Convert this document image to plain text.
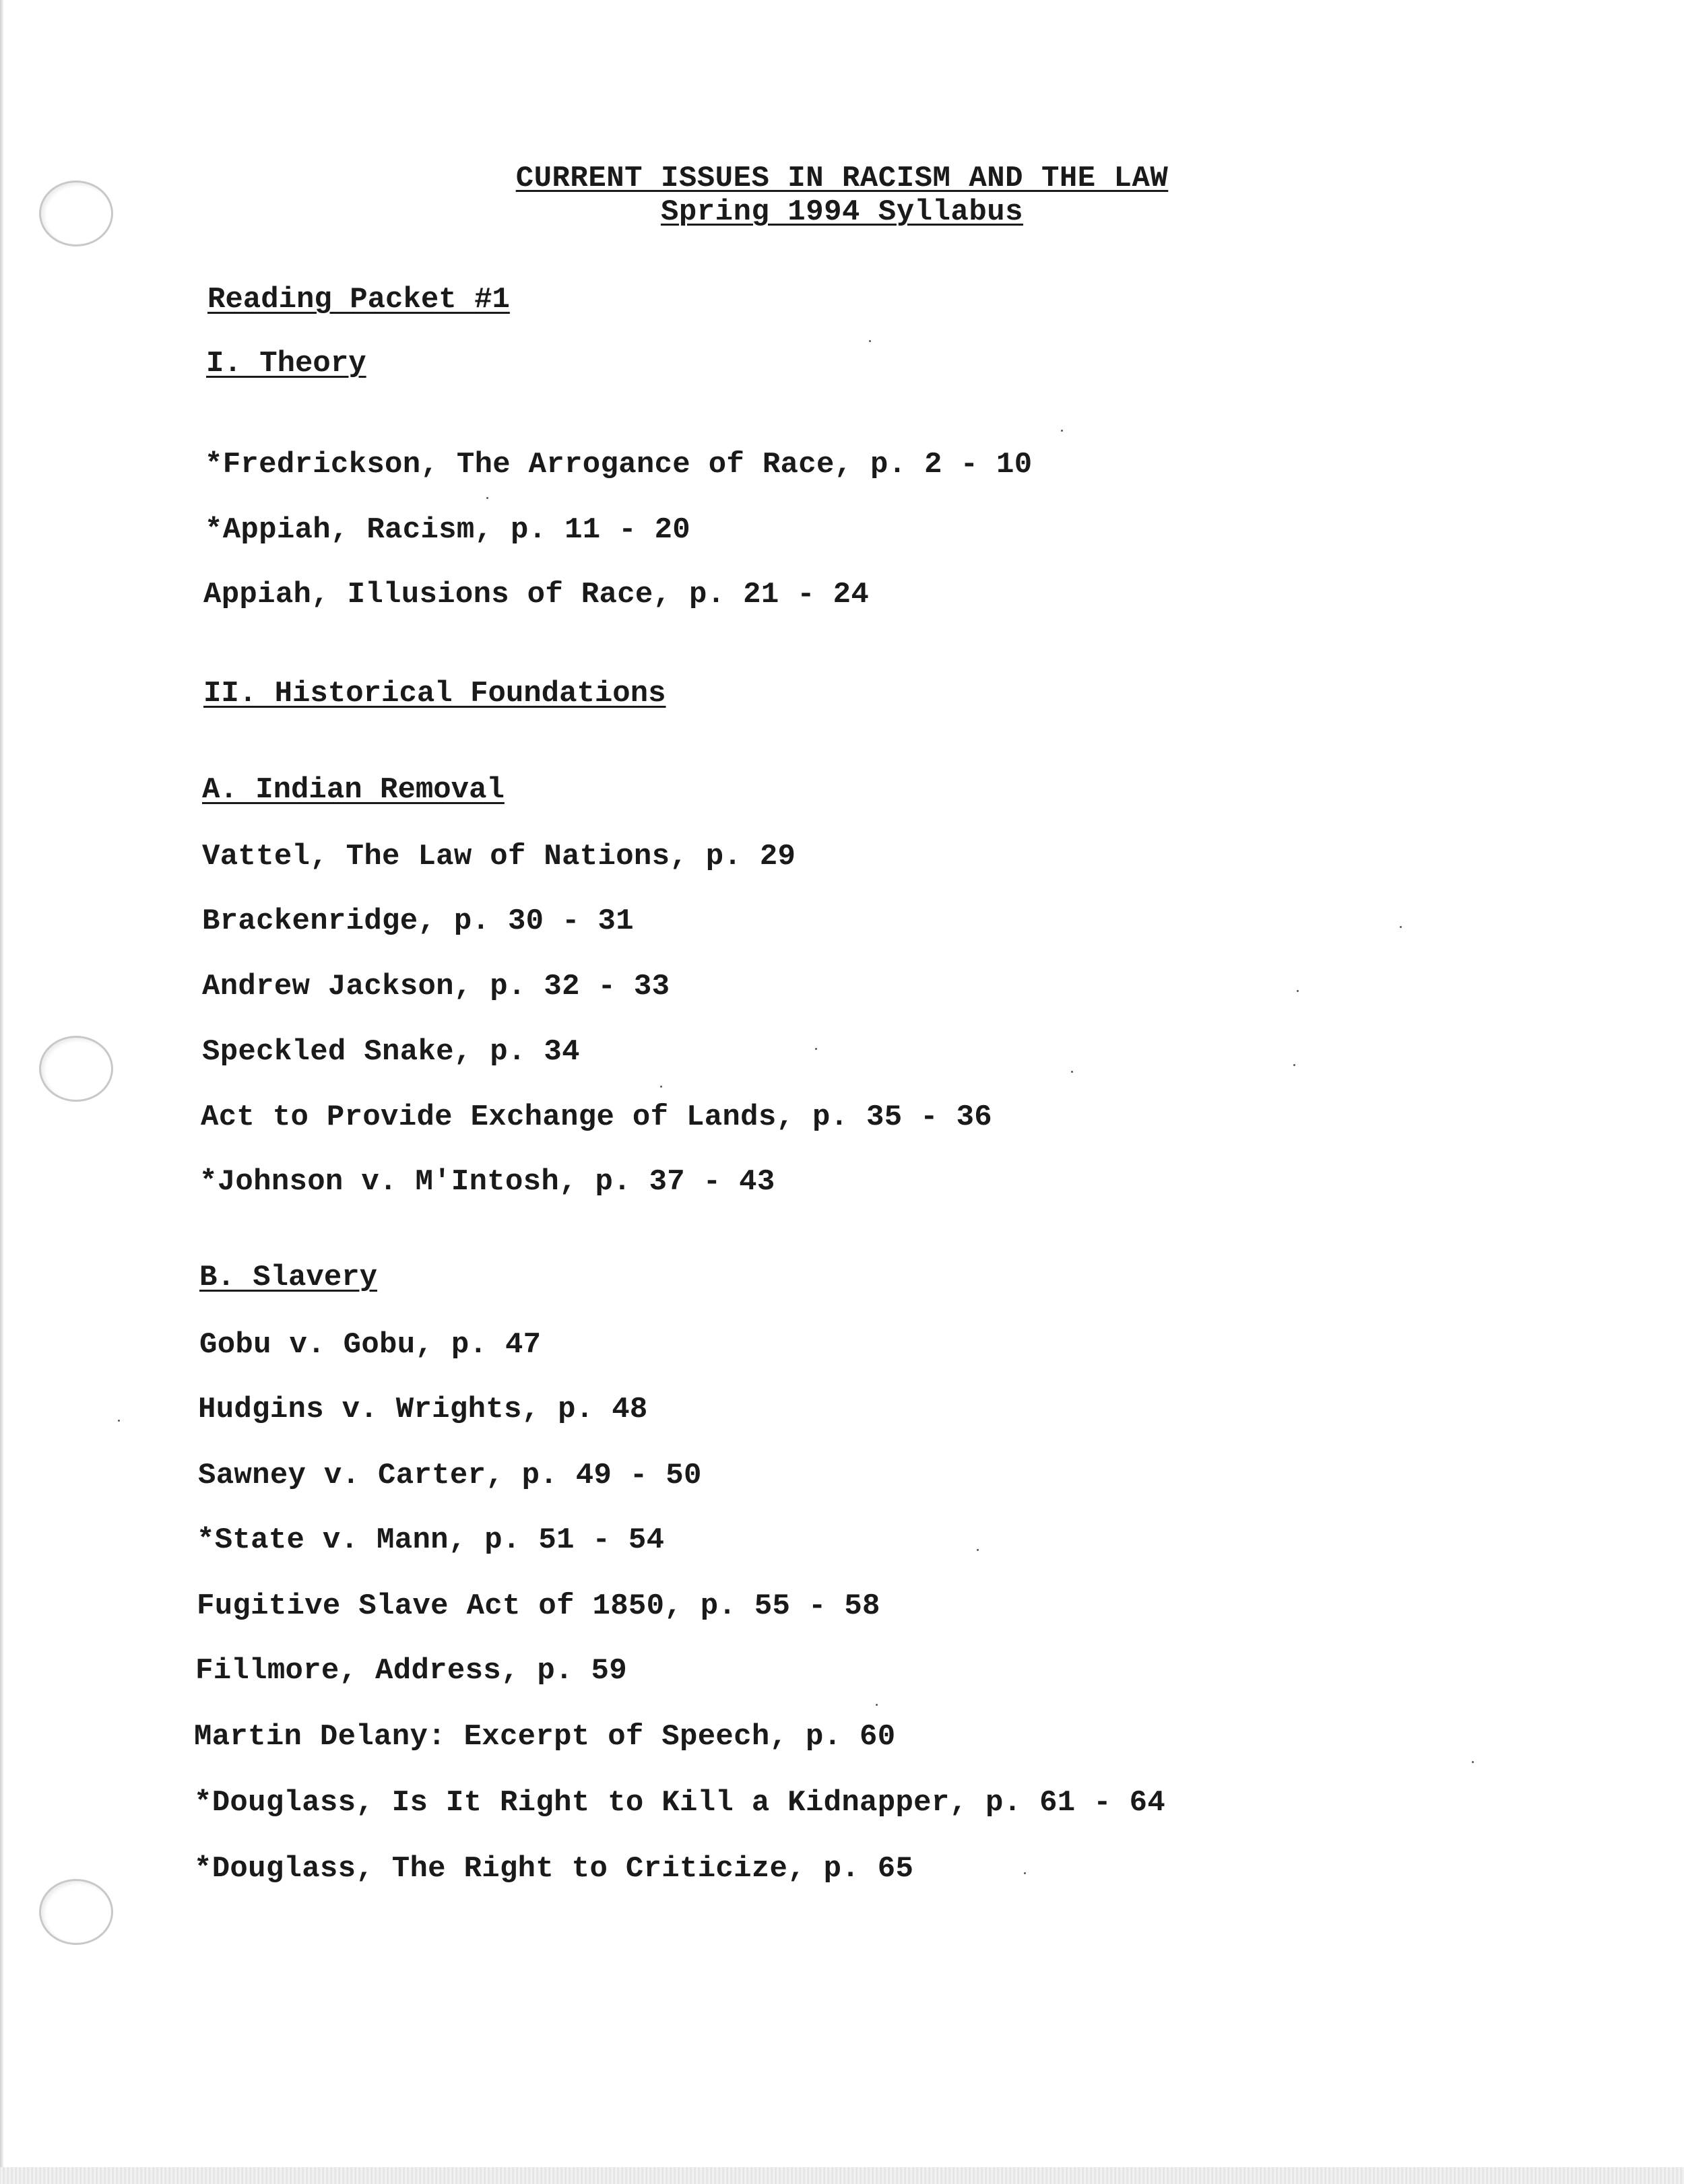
CURRENT ISSUES IN RACISM AND THE LAW
Spring 1994 Syllabus
Reading Packet #1
I. Theory
*Fredrickson, The Arrogance of Race, p. 2 - 10
*Appiah, Racism, p. 11 - 20
Appiah, Illusions of Race, p. 21 - 24
II. Historical Foundations
A. Indian Removal
Vattel, The Law of Nations, p. 29
Brackenridge, p. 30 - 31
Andrew Jackson, p. 32 - 33
Speckled Snake, p. 34
Act to Provide Exchange of Lands, p. 35 - 36
*Johnson v. M'Intosh, p. 37 - 43
B. Slavery
Gobu v. Gobu, p. 47
Hudgins v. Wrights, p. 48
Sawney v. Carter, p. 49 - 50
*State v. Mann, p. 51 - 54
Fugitive Slave Act of 1850, p. 55 - 58
Fillmore, Address, p. 59
Martin Delany: Excerpt of Speech, p. 60
*Douglass, Is It Right to Kill a Kidnapper, p. 61 - 64
*Douglass, The Right to Criticize, p. 65
